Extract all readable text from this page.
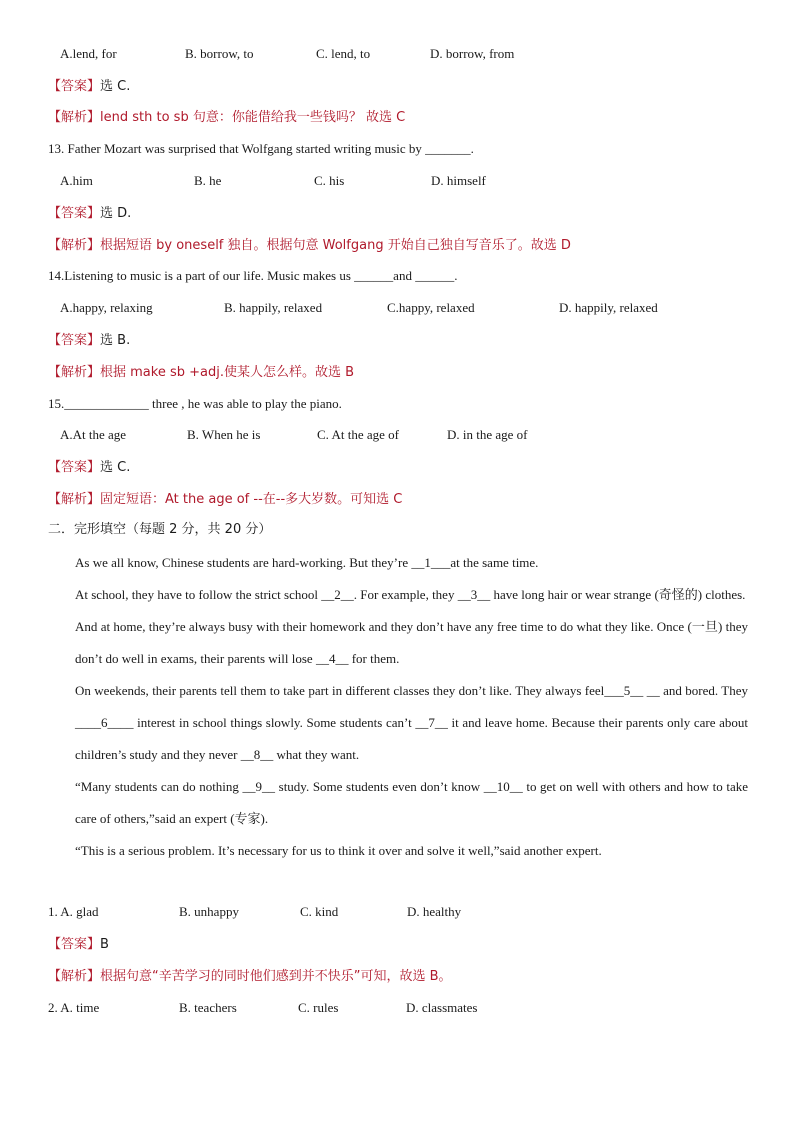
A.lend, for	B. borrow, to	C. lend, to	D. borrow, from
【答案】选 C.
【解析】lend sth to sb 句意：你能借给我一些钱吗？ 故选 C
13. Father Mozart was surprised that Wolfgang started writing music by _______.
A.him	B. he	C. his	D. himself
【答案】选 D.
【解析】根据短语 by oneself 独自。根据句意 Wolfgang 开始自己独自写音乐了。故选 D
14.Listening to music is a part of our life. Music makes us ______and ______.
A.happy, relaxing	B. happily, relaxed	C.happy, relaxed	D. happily, relaxed
【答案】选 B.
【解析】根据 make sb +adj.使某人怎么样。故选 B
15._____________ three , he was able to play the piano.
A.At the age	B. When he is	C. At the age of	D. in the age of
【答案】选 C.
【解析】固定短语：At the age of --在--多大岁数。可知选 C
二．完形填空（每题 2 分，共 20 分）

As we all know, Chinese students are hard-working. But they’re __1___at the same time.

At school, they have to follow the strict school __2__. For example, they __3__ have long hair or wear strange (奇怪的) clothes.

And at home, they’re always busy with their homework and they don’t have any free time to do what they like. Once (一旦) they don’t do well in exams, their parents will lose __4__ for them.

On weekends, their parents tell them to take part in different classes they don’t like. They always feel___5__ __ and bored. They ____6____ interest in school things slowly. Some students can’t __7__ it and leave home. Because their parents only care about children’s study and they never __8__ what they want.

“Many students can do nothing __9__ study. Some students even don’t know __10__ to get on well with others and how to take care of others,”said an expert (专家).

“This is a serious problem. It’s necessary for us to think it over and solve it well,”said another expert.

1. A. glad	B. unhappy	C. kind	D. healthy
【答案】B
【解析】根据句意“辛苦学习的同时他们感到并不快乐”可知，故选 B。
2. A. time	B. teachers	C. rules	D. classmates
